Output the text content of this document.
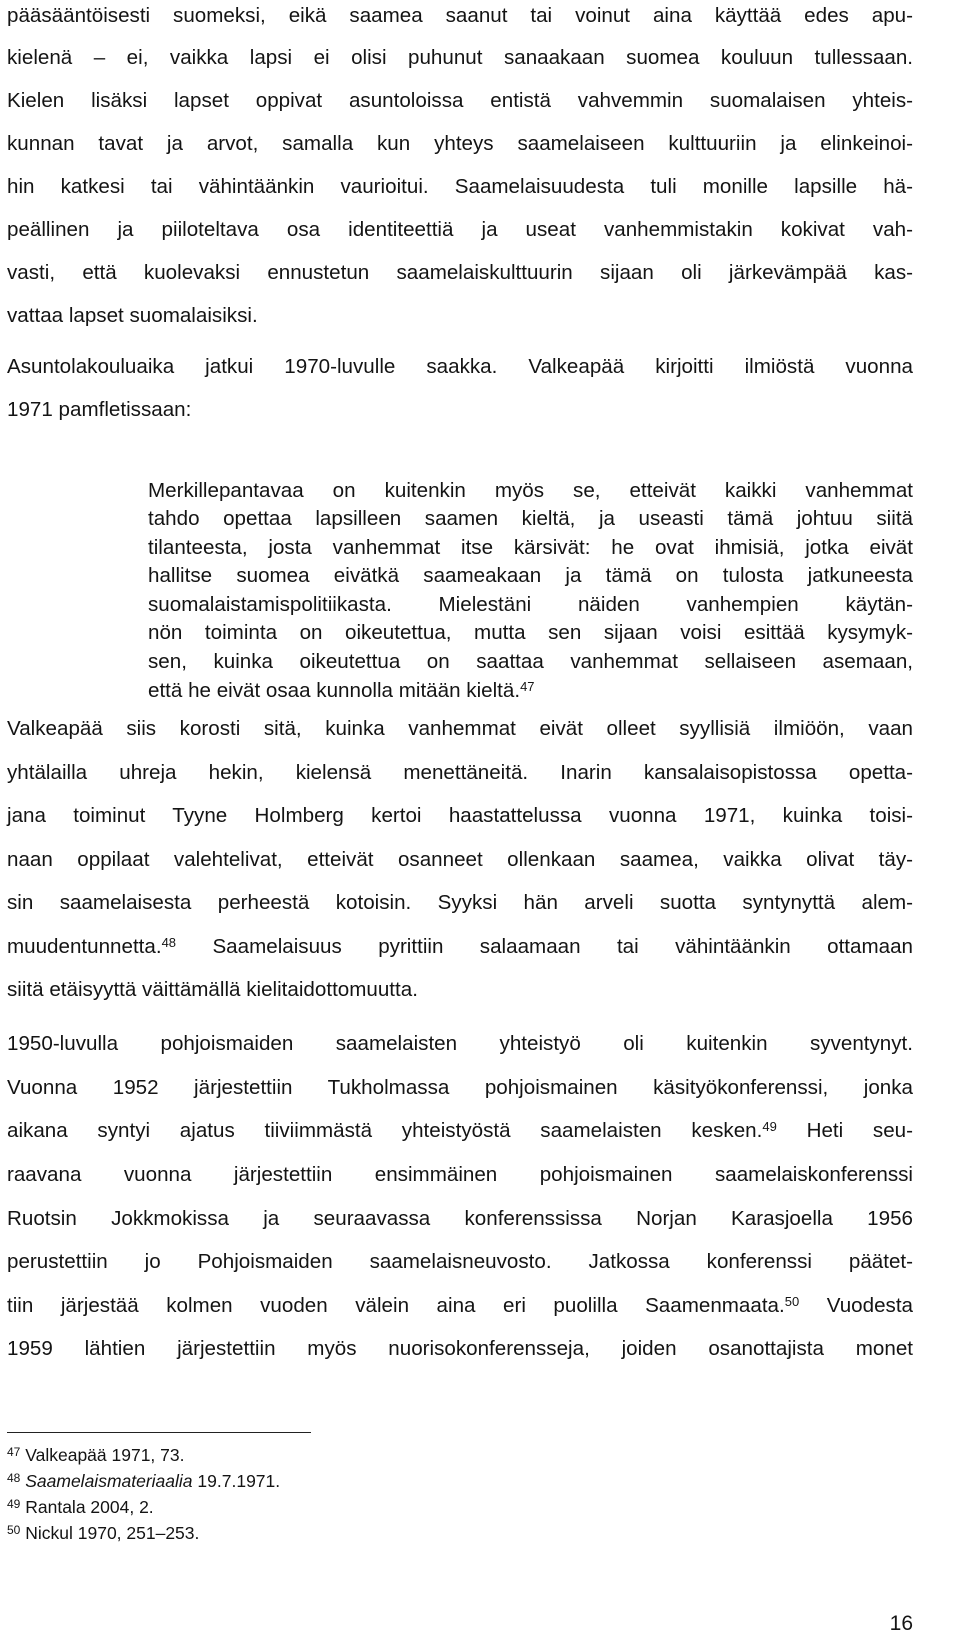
pääsääntöisesti suomeksi, eikä saamea saanut tai voinut aina käyttää edes apu-
kielenä – ei, vaikka lapsi ei olisi puhunut sanaakaan suomea kouluun tullessaan.
Kielen lisäksi lapset oppivat asuntoloissa entistä vahvemmin suomalaisen yhteis-
kunnan tavat ja arvot, samalla kun yhteys saamelaiseen kulttuuriin ja elinkeinoi-
hin katkesi tai vähintäänkin vaurioitui. Saamelaisuudesta tuli monille lapsille hä-
peällinen ja piiloteltava osa identiteettiä ja useat vanhemmistakin kokivat vah-
vasti, että kuolevaksi ennustetun saamelaiskulttuurin sijaan oli järkevämpää kas-
vattaa lapset suomalaisiksi.
Asuntolakouluaika jatkui 1970-luvulle saakka. Valkeapää kirjoitti ilmiöstä vuonna
1971 pamfletissaan:
Merkillepantavaa on kuitenkin myös se, etteivät kaikki vanhemmat
tahdo opettaa lapsilleen saamen kieltä, ja useasti tämä johtuu siitä
tilanteesta, josta vanhemmat itse kärsivät: he ovat ihmisiä, jotka eivät
hallitse suomea eivätkä saameakaan ja tämä on tulosta jatkuneesta
suomalaistamispolitiikasta. Mielestäni näiden vanhempien käytän-
nön toiminta on oikeutettua, mutta sen sijaan voisi esittää kysymyk-
sen, kuinka oikeutettua on saattaa vanhemmat sellaiseen asemaan,
että he eivät osaa kunnolla mitään kieltä.$^{47}$
Valkeapää siis korosti sitä, kuinka vanhemmat eivät olleet syyllisiä ilmiöön, vaan
yhtälailla uhreja hekin, kielensä menettäneitä. Inarin kansalaisopistossa opetta-
jana toiminut Tyyne Holmberg kertoi haastattelussa vuonna 1971, kuinka toisi-
naan oppilaat valehtelivat, etteivät osanneet ollenkaan saamea, vaikka olivat täy-
sin saamelaisesta perheestä kotoisin. Syyksi hän arveli suotta syntynyttä alem-
muudentunnetta.$^{48}$ Saamelaisuus pyrittiin salaamaan tai vähintäänkin ottamaan
siitä etäisyyttä väittämällä kielitaidottomuutta.
1950-luvulla pohjoismaiden saamelaisten yhteistyö oli kuitenkin syventynyt.
Vuonna 1952 järjestettiin Tukholmassa pohjoismainen käsityökonferenssi, jonka
aikana syntyi ajatus tiiviimmästä yhteistyöstä saamelaisten kesken.$^{49}$ Heti seu-
raavana vuonna järjestettiin ensimmäinen pohjoismainen saamelaiskonferenssi
Ruotsin Jokkmokissa ja seuraavassa konferenssissa Norjan Karasjoella 1956
perustettiin jo Pohjoismaiden saamelaisneuvosto. Jatkossa konferenssi päätet-
tiin järjestää kolmen vuoden välein aina eri puolilla Saamenmaata.$^{50}$ Vuodesta
1959 lähtien järjestettiin myös nuorisokonferensseja, joiden osanottajista monet
$^{47}$ Valkeapää 1971, 73.
$^{48}$ Saamelaismateriaalia 19.7.1971.
$^{49}$ Rantala 2004, 2.
$^{50}$ Nickul 1970, 251–253.
16
